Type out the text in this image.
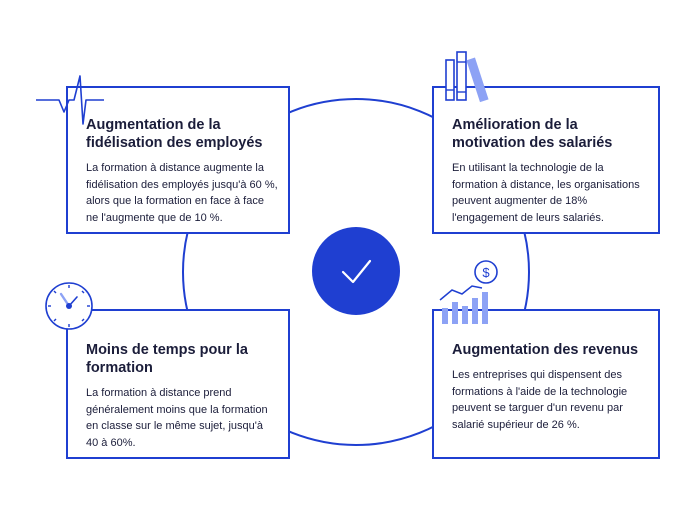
Augmentation de la fidélisation des employés

La formation à distance augmente la fidélisation des employés jusqu'à 60 %, alors que la formation en face à face ne l'augmente que de 10 %.

Amélioration de la motivation des salariés

En utilisant la technologie de la formation à distance, les organisations peuvent augmenter de 18% l'engagement de leurs salariés.

Moins de temps pour la formation

La formation à distance prend généralement moins que la formation en classe sur le même sujet, jusqu'à 40 à 60%.

Augmentation des revenus

Les entreprises qui dispensent des formations à l'aide de la technologie peuvent se targuer d'un revenu par salarié supérieur de 26 %.

$
